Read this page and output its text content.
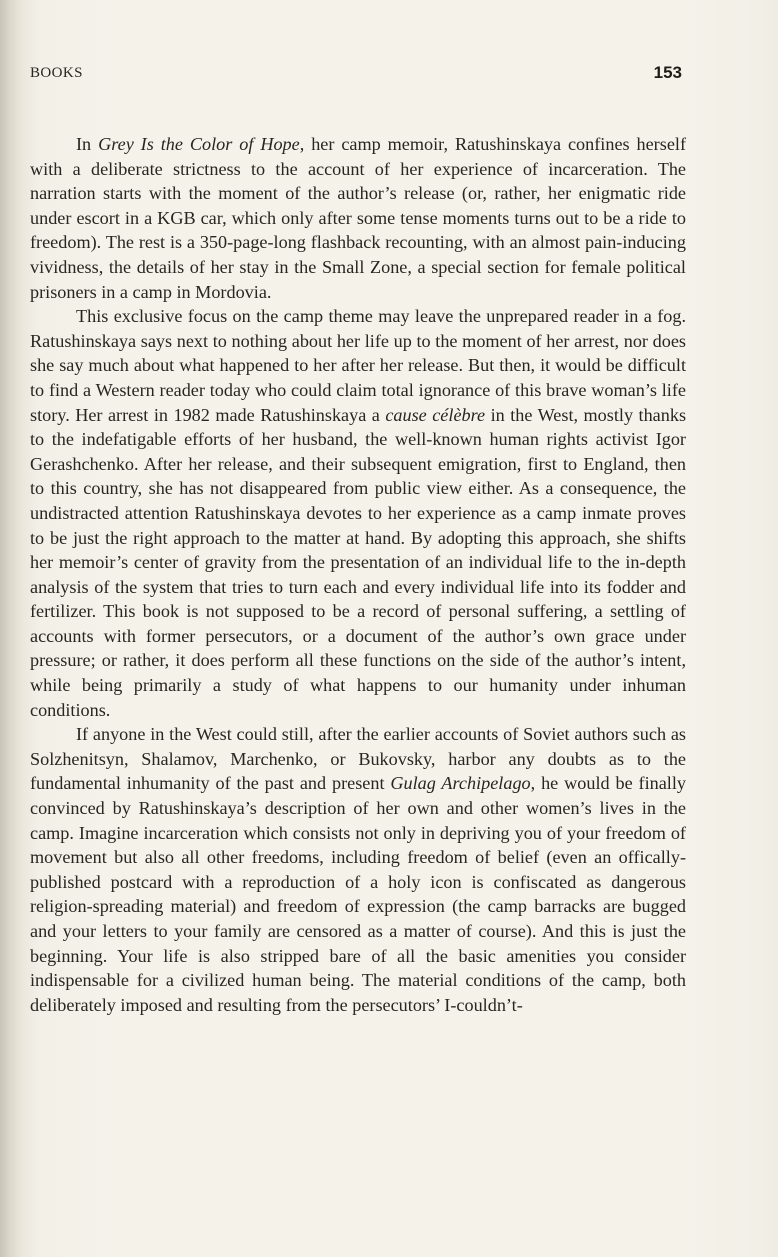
BOOKS	153

In Grey Is the Color of Hope, her camp memoir, Ratushinskaya confines herself with a deliberate strictness to the account of her experience of incarceration. The narration starts with the moment of the author’s release (or, rather, her enigmatic ride under escort in a KGB car, which only after some tense moments turns out to be a ride to freedom). The rest is a 350-page-long flashback recounting, with an almost pain-inducing vividness, the details of her stay in the Small Zone, a special section for female political prisoners in a camp in Mordovia.

This exclusive focus on the camp theme may leave the unprepared reader in a fog. Ratushinskaya says next to nothing about her life up to the moment of her arrest, nor does she say much about what happened to her after her release. But then, it would be difficult to find a Western reader today who could claim total ignorance of this brave woman’s life story. Her arrest in 1982 made Ratushinskaya a cause célèbre in the West, mostly thanks to the indefatigable efforts of her husband, the well-known human rights activist Igor Gerashchenko. After her release, and their subsequent emigration, first to England, then to this country, she has not disappeared from public view either. As a consequence, the undistracted attention Ratushinskaya devotes to her experience as a camp inmate proves to be just the right approach to the matter at hand. By adopting this approach, she shifts her memoir’s center of gravity from the presentation of an individual life to the in-depth analysis of the system that tries to turn each and every individual life into its fodder and fertilizer. This book is not supposed to be a record of personal suffering, a settling of accounts with former persecutors, or a document of the author’s own grace under pressure; or rather, it does perform all these functions on the side of the author’s intent, while being primarily a study of what happens to our humanity under inhuman conditions.

If anyone in the West could still, after the earlier accounts of Soviet authors such as Solzhenitsyn, Shalamov, Marchenko, or Bukovsky, harbor any doubts as to the fundamental inhumanity of the past and present Gulag Archipelago, he would be finally convinced by Ratushinskaya’s description of her own and other women’s lives in the camp. Imagine incarceration which consists not only in depriving you of your freedom of movement but also all other freedoms, including freedom of belief (even an offically-published postcard with a reproduction of a holy icon is confiscated as dangerous religion-spreading material) and freedom of expression (the camp barracks are bugged and your letters to your family are censored as a matter of course). And this is just the beginning. Your life is also stripped bare of all the basic amenities you consider indispensable for a civilized human being. The material conditions of the camp, both deliberately imposed and resulting from the persecutors’ I-couldn’t-
